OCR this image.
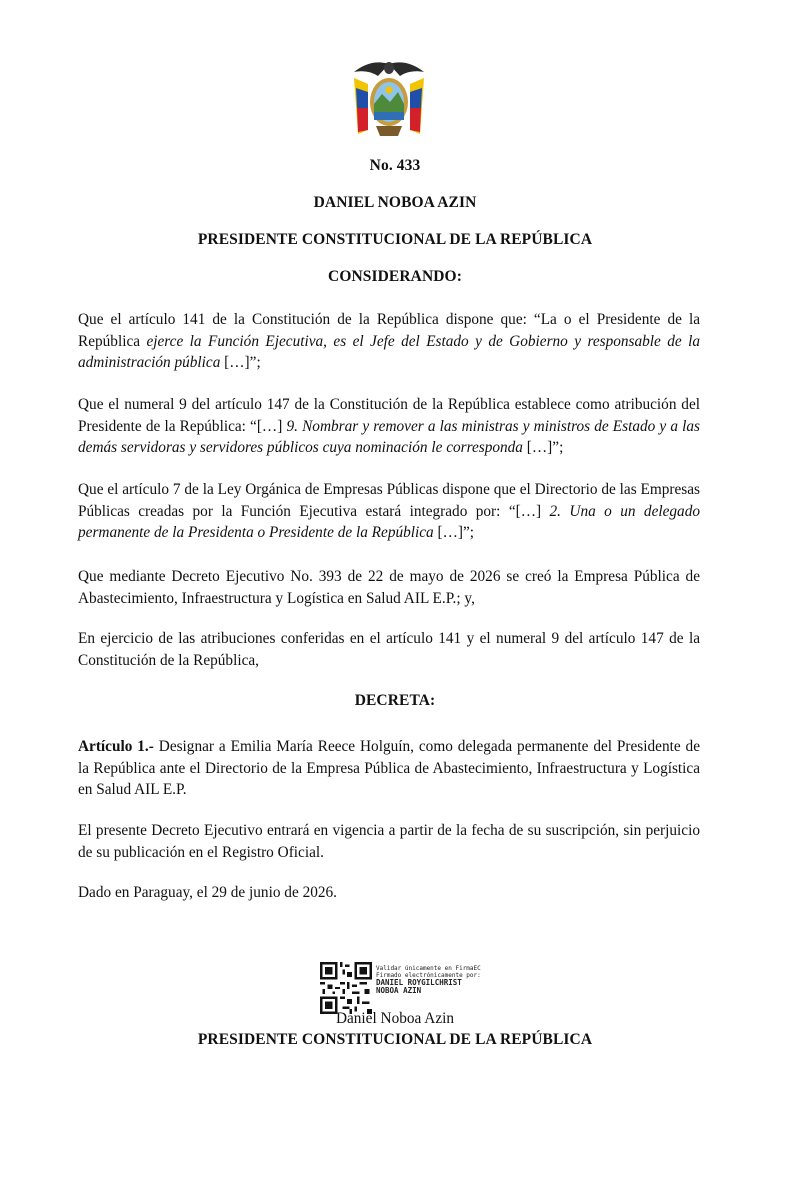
No. 433
DANIEL NOBOA AZIN
PRESIDENTE CONSTITUCIONAL DE LA REPÚBLICA
CONSIDERANDO:

Que el artículo 141 de la Constitución de la República dispone que: “La o el Presidente de la República ejerce la Función Ejecutiva, es el Jefe del Estado y de Gobierno y responsable de la administración pública […]”;

Que el numeral 9 del artículo 147 de la Constitución de la República establece como atribución del Presidente de la República: “[…] 9. Nombrar y remover a las ministras y ministros de Estado y a las demás servidoras y servidores públicos cuya nominación le corresponda […]”;

Que el artículo 7 de la Ley Orgánica de Empresas Públicas dispone que el Directorio de las Empresas Públicas creadas por la Función Ejecutiva estará integrado por: “[…] 2. Una o un delegado permanente de la Presidenta o Presidente de la República […]”;

Que mediante Decreto Ejecutivo No. 393 de 22 de mayo de 2026 se creó la Empresa Pública de Abastecimiento, Infraestructura y Logística en Salud AIL E.P.; y,

En ejercicio de las atribuciones conferidas en el artículo 141 y el numeral 9 del artículo 147 de la Constitución de la República,

DECRETA:

Artículo 1.- Designar a Emilia María Reece Holguín, como delegada permanente del Presidente de la República ante el Directorio de la Empresa Pública de Abastecimiento, Infraestructura y Logística en Salud AIL E.P.

El presente Decreto Ejecutivo entrará en vigencia a partir de la fecha de su suscripción, sin perjuicio de su publicación en el Registro Oficial.

Dado en Paraguay, el 29 de junio de 2026.

Validar únicamente en FirmaEC
Firmado electrónicamente por:
DANIEL ROYGILCHRIST
NOBOA AZIN
Daniel Noboa Azin
PRESIDENTE CONSTITUCIONAL DE LA REPÚBLICA
